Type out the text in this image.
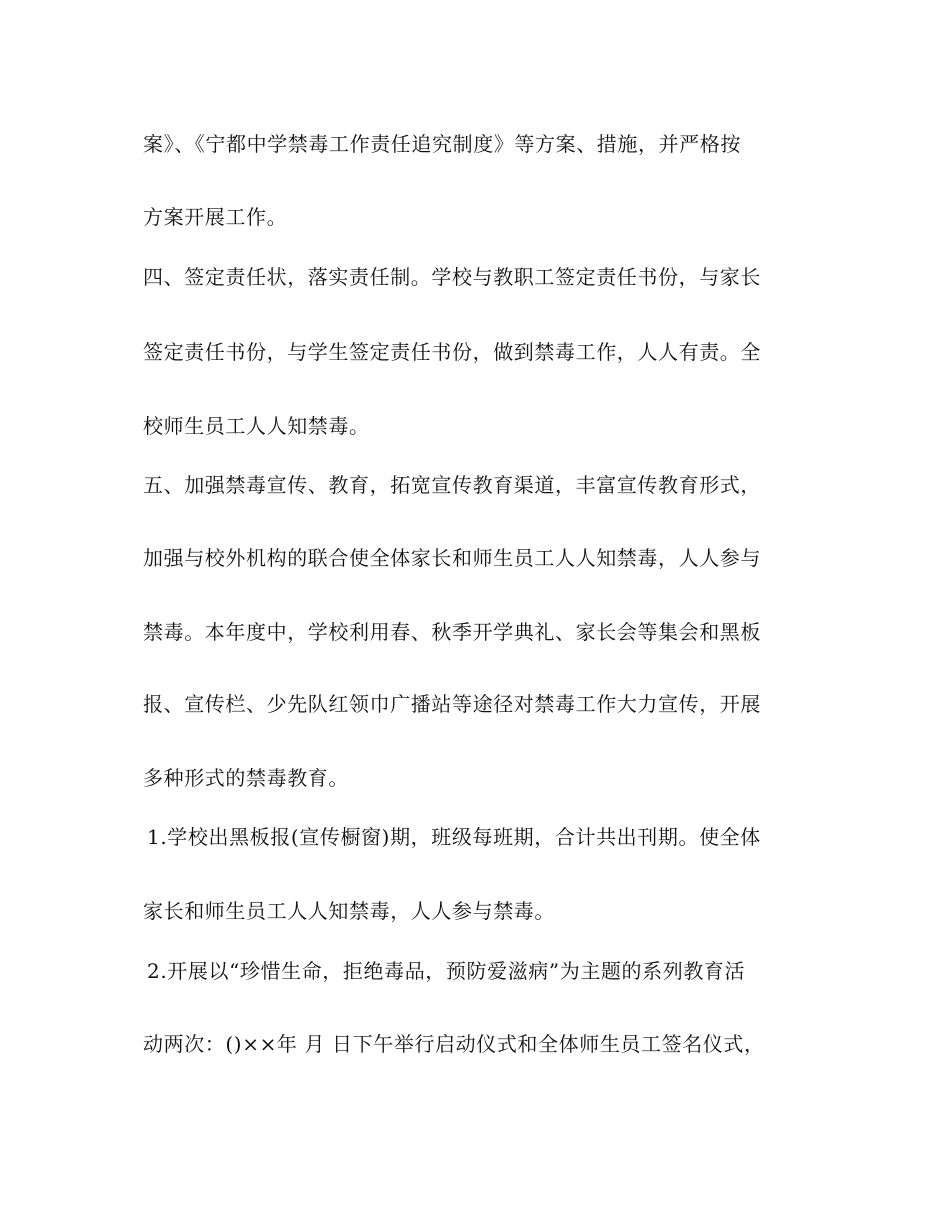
案》、《宁都中学禁毒工作责任追究制度》等方案、措施，并严格按
方案开展工作。
四、签定责任状，落实责任制。学校与教职工签定责任书份，与家长
签定责任书份，与学生签定责任书份，做到禁毒工作，人人有责。全
校师生员工人人知禁毒。
五、加强禁毒宣传、教育，拓宽宣传教育渠道，丰富宣传教育形式，
加强与校外机构的联合使全体家长和师生员工人人知禁毒，人人参与
禁毒。本年度中，学校利用春、秋季开学典礼、家长会等集会和黑板
报、宣传栏、少先队红领巾广播站等途径对禁毒工作大力宣传，开展
多种形式的禁毒教育。
1.学校出黑板报(宣传橱窗)期，班级每班期，合计共出刊期。使全体
家长和师生员工人人知禁毒，人人参与禁毒。
2.开展以“珍惜生命，拒绝毒品，预防爱滋病”为主题的系列教育活
动两次：()××年 月 日下午举行启动仪式和全体师生员工签名仪式，
